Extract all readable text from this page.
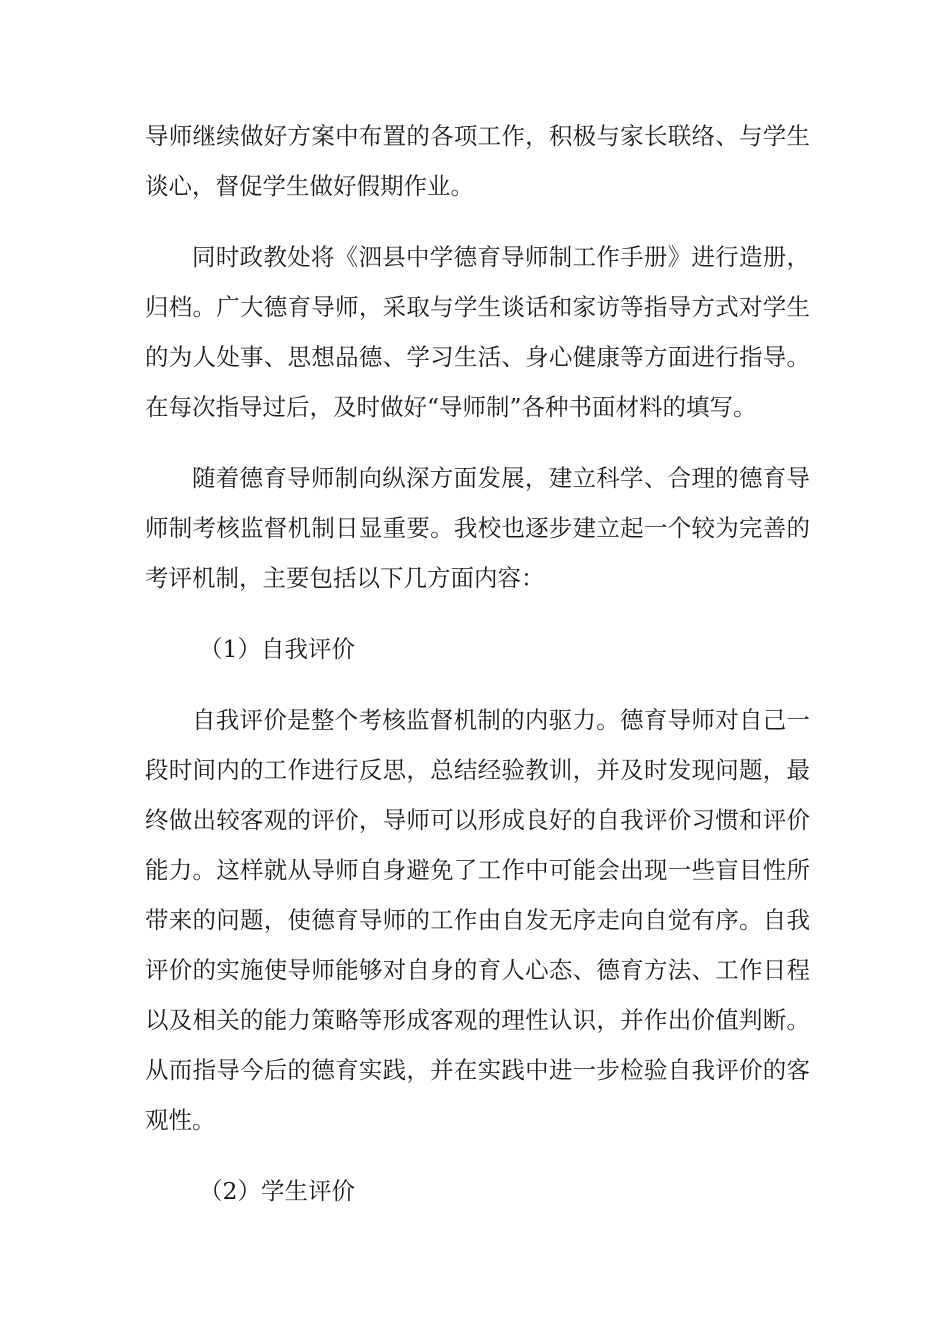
导师继续做好方案中布置的各项工作，积极与家长联络、与学生谈心，督促学生做好假期作业。

同时政教处将《泗县中学德育导师制工作手册》进行造册，归档。广大德育导师，采取与学生谈话和家访等指导方式对学生的为人处事、思想品德、学习生活、身心健康等方面进行指导。在每次指导过后，及时做好“导师制”各种书面材料的填写。

随着德育导师制向纵深方面发展，建立科学、合理的德育导师制考核监督机制日显重要。我校也逐步建立起一个较为完善的考评机制，主要包括以下几方面内容：

（1）自我评价

自我评价是整个考核监督机制的内驱力。德育导师对自己一段时间内的工作进行反思，总结经验教训，并及时发现问题，最终做出较客观的评价，导师可以形成良好的自我评价习惯和评价能力。这样就从导师自身避免了工作中可能会出现一些盲目性所带来的问题，使德育导师的工作由自发无序走向自觉有序。自我评价的实施使导师能够对自身的育人心态、德育方法、工作日程以及相关的能力策略等形成客观的理性认识，并作出价值判断。从而指导今后的德育实践，并在实践中进一步检验自我评价的客观性。

（2）学生评价
